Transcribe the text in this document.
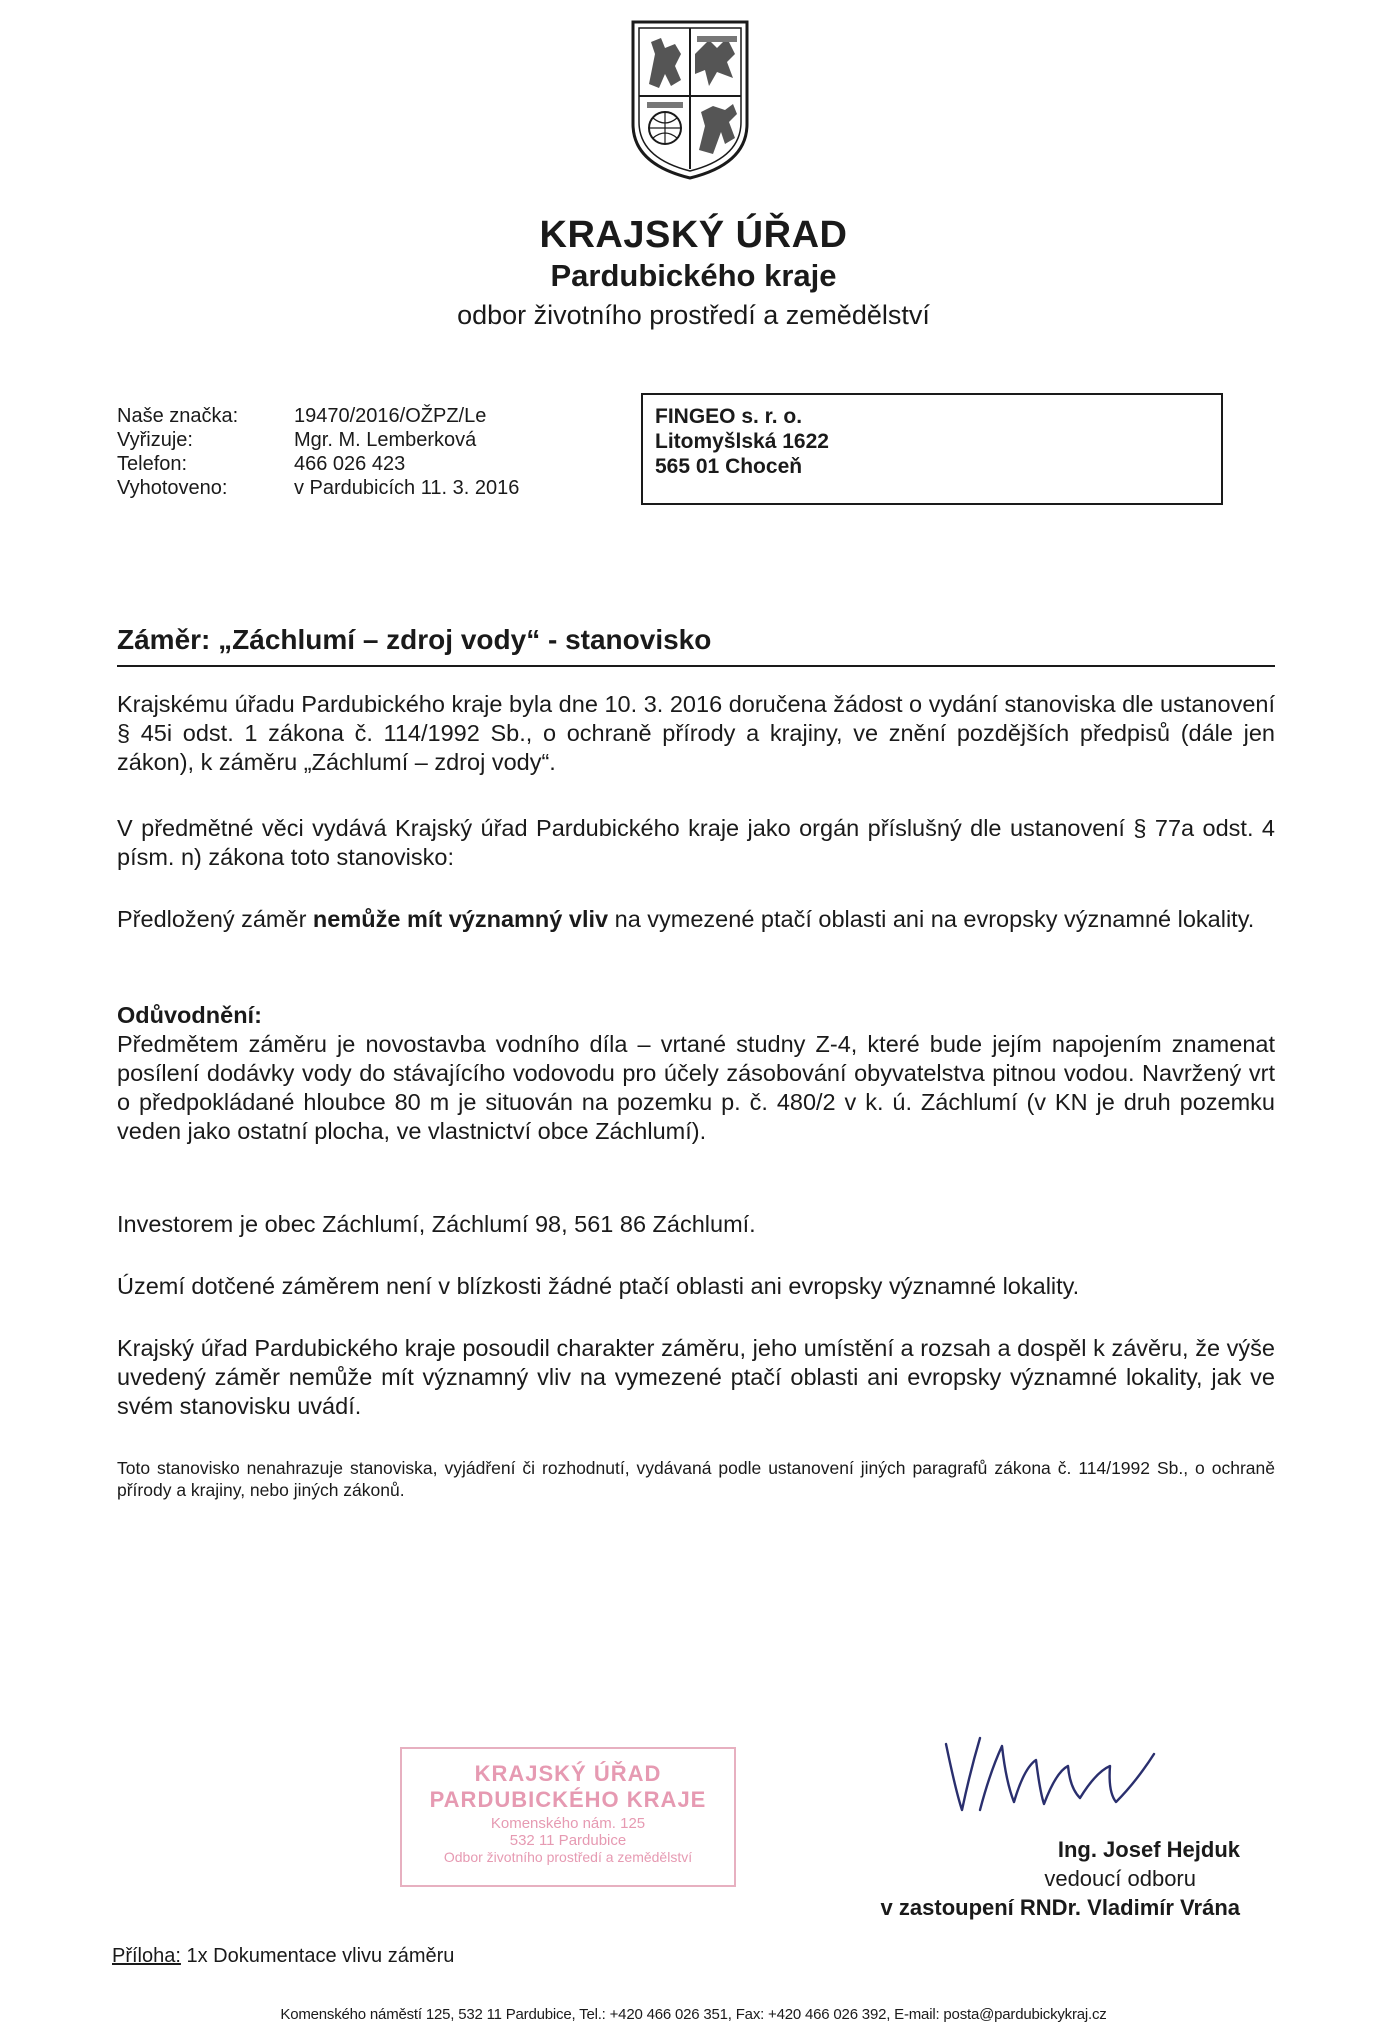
KRAJSKÝ ÚŘAD
Pardubického kraje
odbor životního prostředí a zemědělství
Naše značka:	19470/2016/OŽPZ/Le
Vyřizuje:	Mgr. M. Lemberková
Telefon:	466 026 423
Vyhotoveno:	v Pardubicích 11. 3. 2016
FINGEO s. r. o.
Litomyšlská 1622
565 01 Choceň
Záměr: „Záchlumí – zdroj vody“ - stanovisko

Krajskému úřadu Pardubického kraje byla dne 10. 3. 2016 doručena žádost o vydání stanoviska dle ustanovení § 45i odst. 1 zákona č. 114/1992 Sb., o ochraně přírody a krajiny, ve znění pozdějších předpisů (dále jen zákon), k záměru „Záchlumí – zdroj vody“.

V předmětné věci vydává Krajský úřad Pardubického kraje jako orgán příslušný dle ustanovení § 77a odst. 4 písm. n) zákona toto stanovisko:

Předložený záměr nemůže mít významný vliv na vymezené ptačí oblasti ani na evropsky významné lokality.

Odůvodnění:

Předmětem záměru je novostavba vodního díla – vrtané studny Z-4, které bude jejím napojením znamenat posílení dodávky vody do stávajícího vodovodu pro účely zásobování obyvatelstva pitnou vodou. Navržený vrt o předpokládané hloubce 80 m je situován na pozemku p. č. 480/2 v k. ú. Záchlumí (v KN je druh pozemku veden jako ostatní plocha, ve vlastnictví obce Záchlumí).

Investorem je obec Záchlumí, Záchlumí 98, 561 86 Záchlumí.

Území dotčené záměrem není v blízkosti žádné ptačí oblasti ani evropsky významné lokality.

Krajský úřad Pardubického kraje posoudil charakter záměru, jeho umístění a rozsah a dospěl k závěru, že výše uvedený záměr nemůže mít významný vliv na vymezené ptačí oblasti ani evropsky významné lokality, jak ve svém stanovisku uvádí.

Toto stanovisko nenahrazuje stanoviska, vyjádření či rozhodnutí, vydávaná podle ustanovení jiných paragrafů zákona č. 114/1992 Sb., o ochraně přírody a krajiny, nebo jiných zákonů.

KRAJSKÝ ÚŘAD
PARDUBICKÉHO KRAJE
Komenského nám. 125
532 11 Pardubice
Odbor životního prostředí a zemědělství	Ing. Josef Hejduk
vedoucí odboru
v zastoupení RNDr. Vladimír Vrána
Příloha: 1x Dokumentace vlivu záměru
Komenského náměstí 125, 532 11 Pardubice, Tel.: +420 466 026 351, Fax: +420 466 026 392, E-mail: posta@pardubickykraj.cz
